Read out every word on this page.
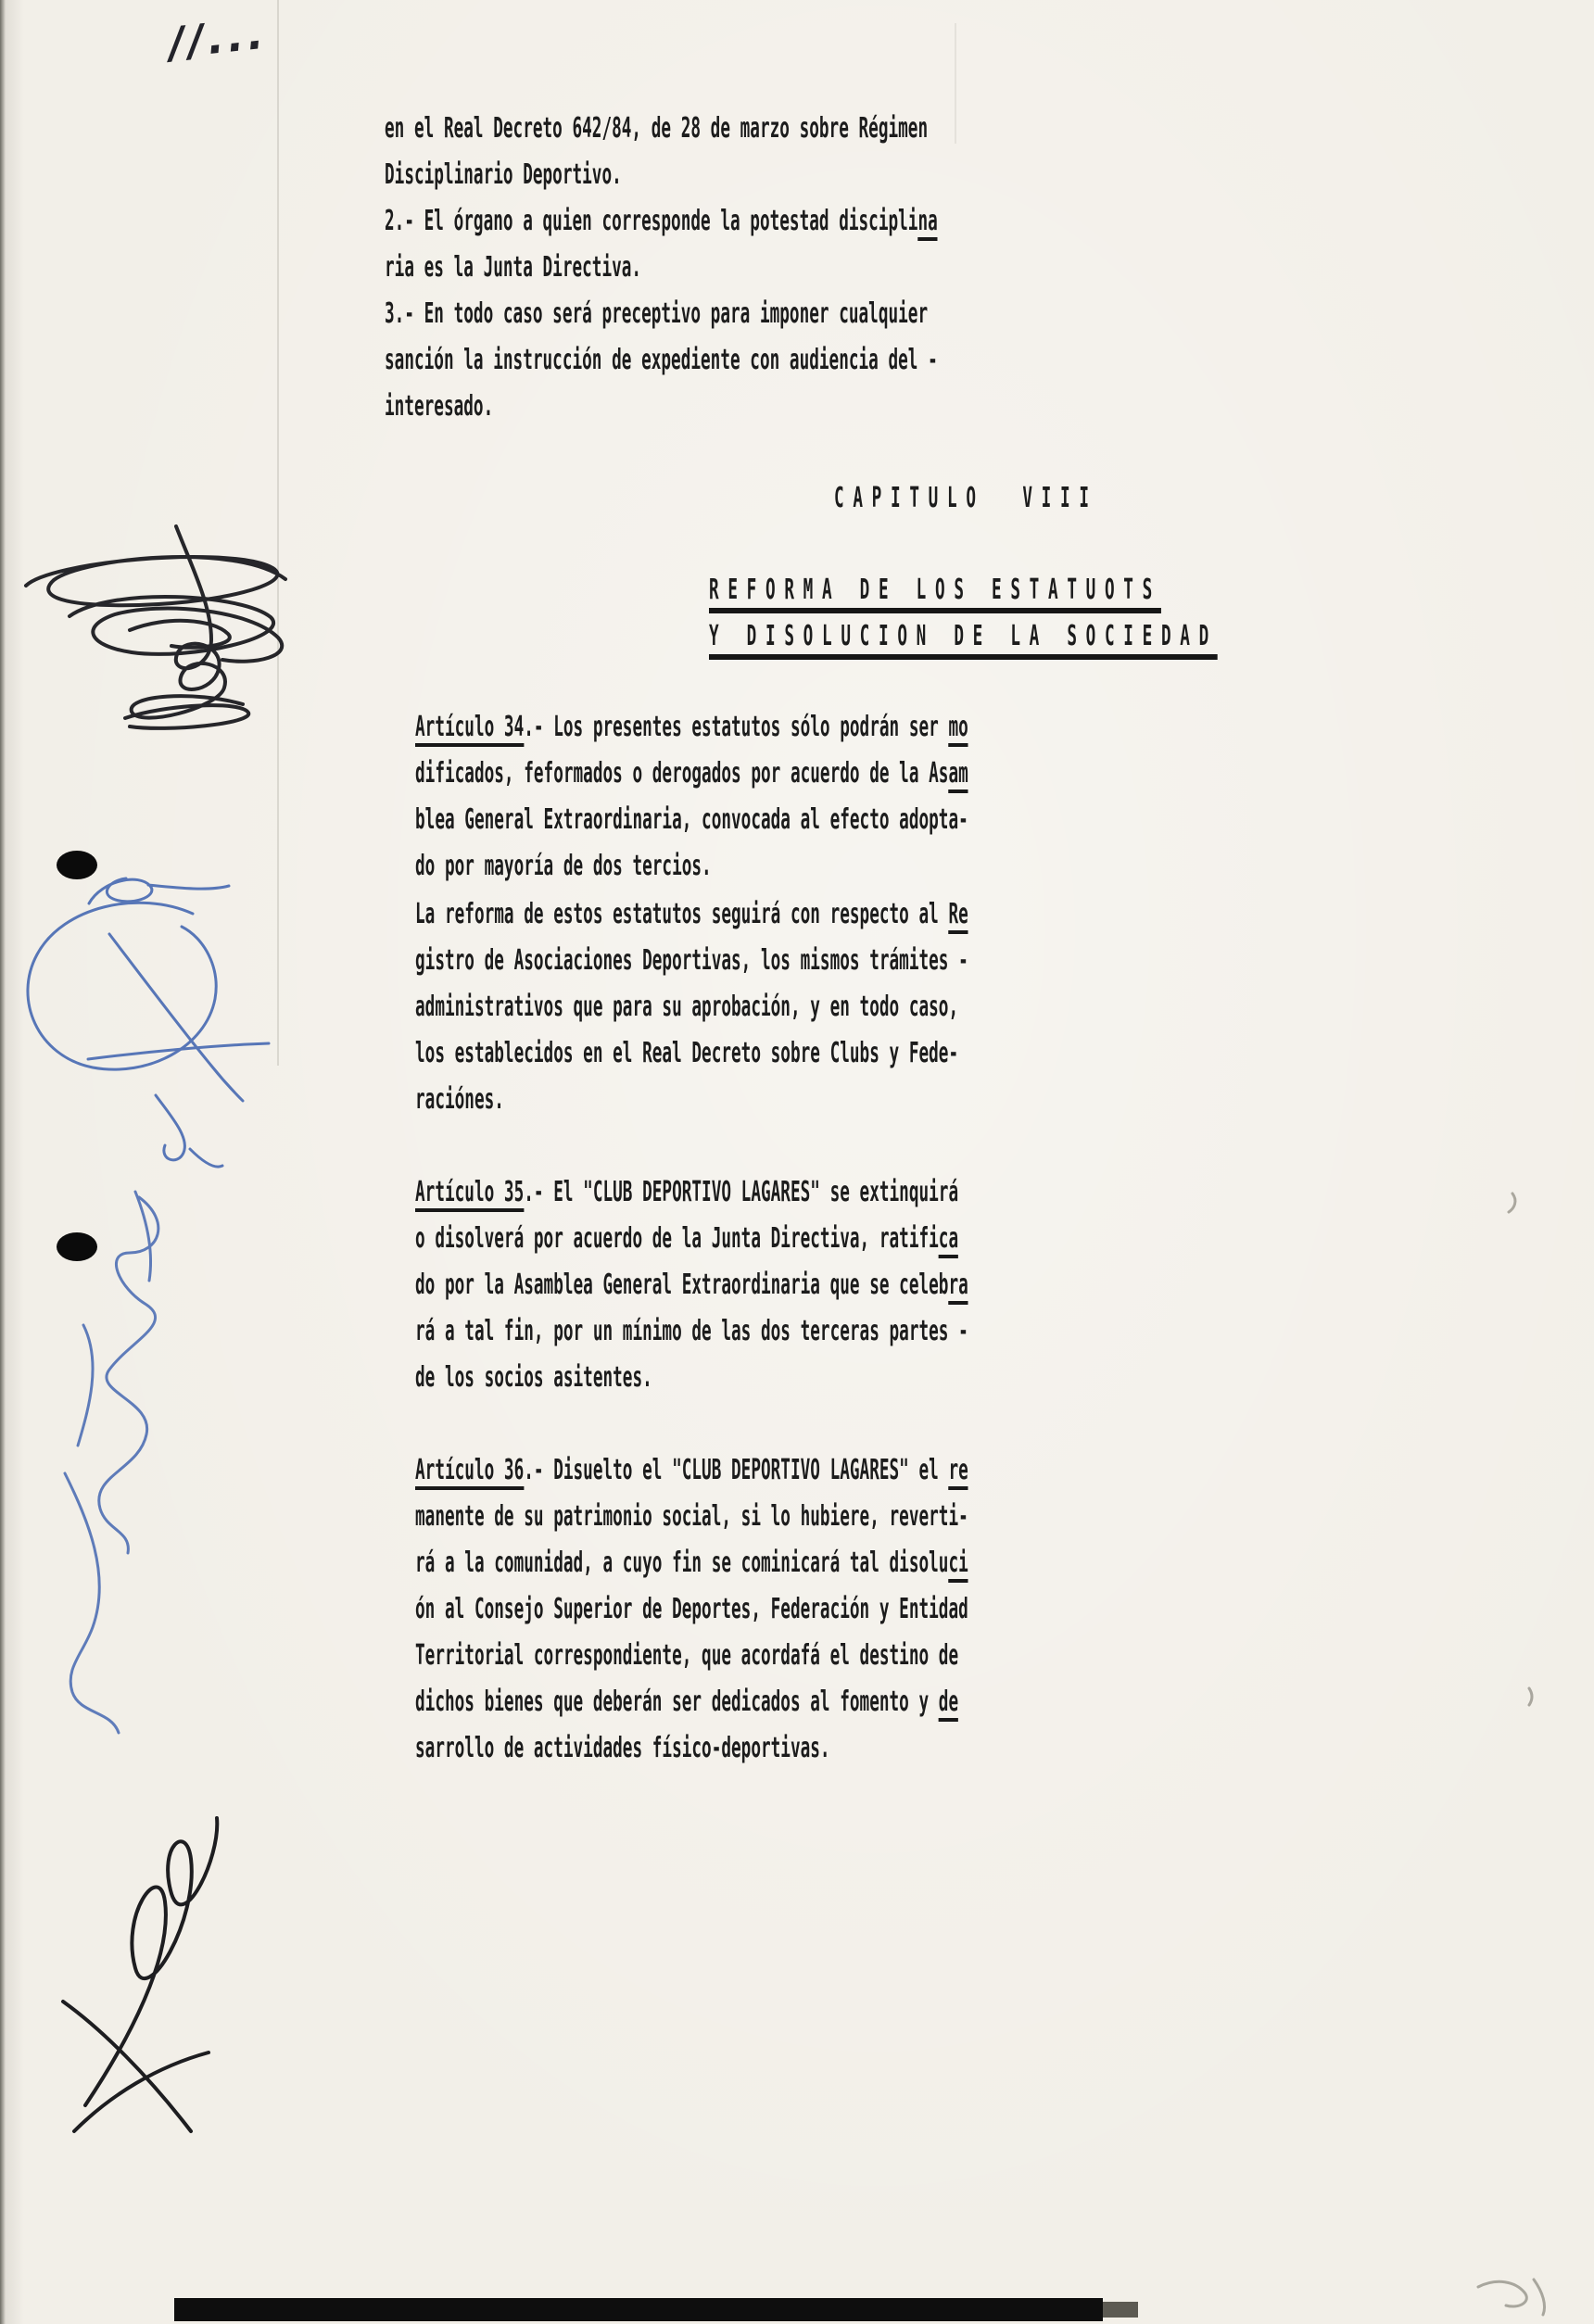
//...
en el Real Decreto 642/84, de 28 de marzo sobre Régimen
Disciplinario Deportivo.
2.- El órgano a quien corresponde la potestad disciplina
ria es la Junta Directiva.
3.- En todo caso será preceptivo para imponer cualquier
sanción la instrucción de expediente con audiencia del -
interesado.
CAPITULO  VIII
REFORMA DE LOS ESTATUOTS
Y DISOLUCION DE LA SOCIEDAD
Artículo 34.- Los presentes estatutos sólo podrán ser mo
dificados, feformados o derogados por acuerdo de la Asam
blea General Extraordinaria, convocada al efecto adopta-
do por mayoría de dos tercios.
La reforma de estos estatutos seguirá con respecto al Re
gistro de Asociaciones Deportivas, los mismos trámites -
administrativos que para su aprobación, y en todo caso,
los establecidos en el Real Decreto sobre Clubs y Fede-
raciónes.
Artículo 35.- El "CLUB DEPORTIVO LAGARES" se extinquirá
o disolverá por acuerdo de la Junta Directiva, ratifica
do por la Asamblea General Extraordinaria que se celebra
rá a tal fin, por un mínimo de las dos terceras partes -
de los socios asitentes.
Artículo 36.- Disuelto el "CLUB DEPORTIVO LAGARES" el re
manente de su patrimonio social, si lo hubiere, reverti-
rá a la comunidad, a cuyo fin se cominicará tal disoluci
ón al Consejo Superior de Deportes, Federación y Entidad
Territorial correspondiente, que acordafá el destino de
dichos bienes que deberán ser dedicados al fomento y de
sarrollo de actividades físico-deportivas.
